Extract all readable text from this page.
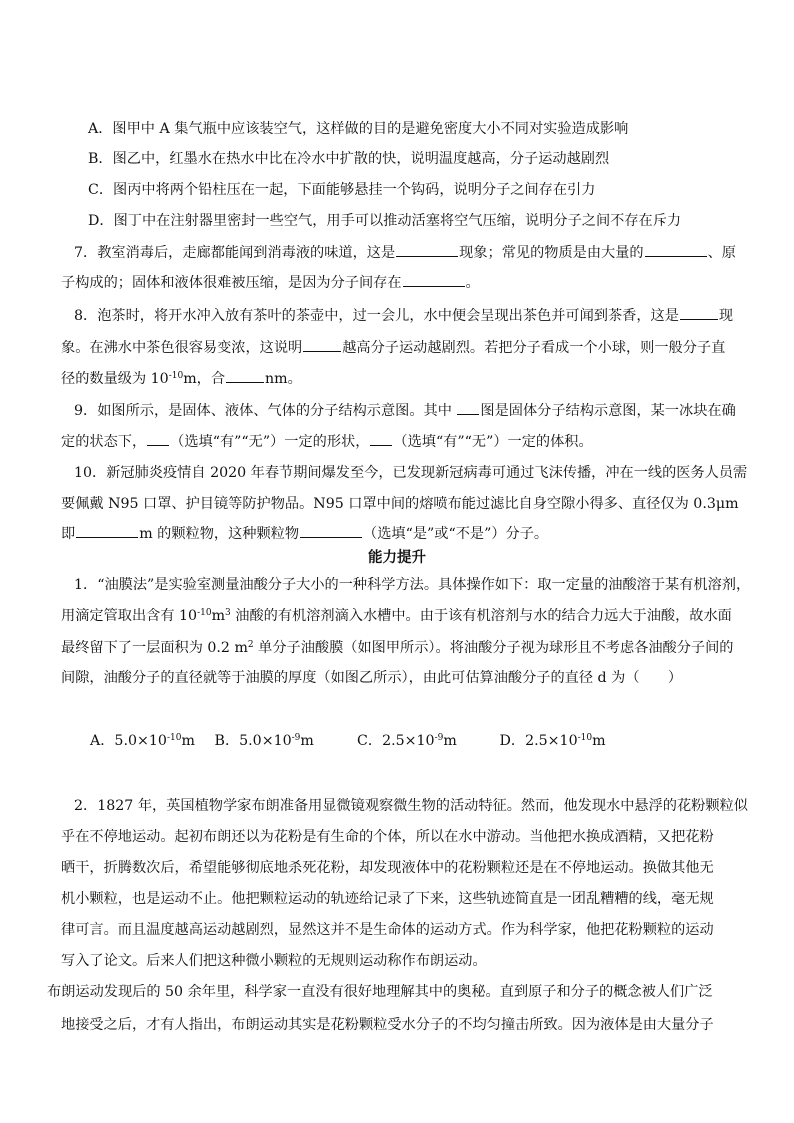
A．图甲中 A 集气瓶中应该装空气，这样做的目的是避免密度大小不同对实验造成影响
B．图乙中，红墨水在热水中比在冷水中扩散的快，说明温度越高，分子运动越剧烈
C．图丙中将两个铅柱压在一起，下面能够悬挂一个钩码，说明分子之间存在引力
D．图丁中在注射器里密封一些空气，用手可以推动活塞将空气压缩，说明分子之间不存在斥力
7．教室消毒后，走廊都能闻到消毒液的味道，这是	现象；常见的物质是由大量的	、原
子构成的；固体和液体很难被压缩，是因为分子间存在	。
8．泡茶时，将开水冲入放有茶叶的茶壶中，过一会儿，水中便会呈现出茶色并可闻到茶香，这是	现
象。在沸水中茶色很容易变浓，这说明	越高分子运动越剧烈。若把分子看成一个小球，则一般分子直
径的数量级为 $10^{-10}m$，合	nm。
9．如图所示，是固体、液体、气体的分子结构示意图。其中 图是固体分子结构示意图，某一冰块在确
定的状态下， （选填“有”“无”）一定的形状， （选填“有”“无”）一定的体积。
10．新冠肺炎疫情自 2020 年春节期间爆发至今，已发现新冠病毒可通过飞沫传播，冲在一线的医务人员需
要佩戴 N95 口罩、护目镜等防护物品。N95 口罩中间的熔喷布能过滤比自身空隙小得多、直径仅为 0.3μm
即	m 的颗粒物，这种颗粒物	（选填“是”或“不是”）分子。
能力提升
1．“油膜法”是实验室测量油酸分子大小的一种科学方法。具体操作如下：取一定量的油酸溶于某有机溶剂，
用滴定管取出含有 $10^{-10}m^3$ 油酸的有机溶剂滴入水槽中。由于该有机溶剂与水的结合力远大于油酸，故水面
最终留下了一层面积为 0.2 $m^2$ 单分子油酸膜（如图甲所示）。将油酸分子视为球形且不考虑各油酸分子间的
间隙，油酸分子的直径就等于油膜的厚度（如图乙所示），由此可估算油酸分子的直径 d 为（　　）
A．$5.0\times 10^{-10}m$ B．$5.0\times 10^{-9}m$	C．$2.5\times 10^{-9}m$	D．$2.5\times 10^{-10}m$
2．1827 年，英国植物学家布朗准备用显微镜观察微生物的活动特征。然而，他发现水中悬浮的花粉颗粒似
乎在不停地运动。起初布朗还以为花粉是有生命的个体，所以在水中游动。当他把水换成酒精，又把花粉
晒干，折腾数次后，希望能够彻底地杀死花粉，却发现液体中的花粉颗粒还是在不停地运动。换做其他无
机小颗粒，也是运动不止。他把颗粒运动的轨迹给记录了下来，这些轨迹简直是一团乱糟糟的线，毫无规
律可言。而且温度越高运动越剧烈，显然这并不是生命体的运动方式。作为科学家，他把花粉颗粒的运动
写入了论文。后来人们把这种微小颗粒的无规则运动称作布朗运动。
布朗运动发现后的 50 余年里，科学家一直没有很好地理解其中的奥秘。直到原子和分子的概念被人们广泛
地接受之后，才有人指出，布朗运动其实是花粉颗粒受水分子的不均匀撞击所致。因为液体是由大量分子
